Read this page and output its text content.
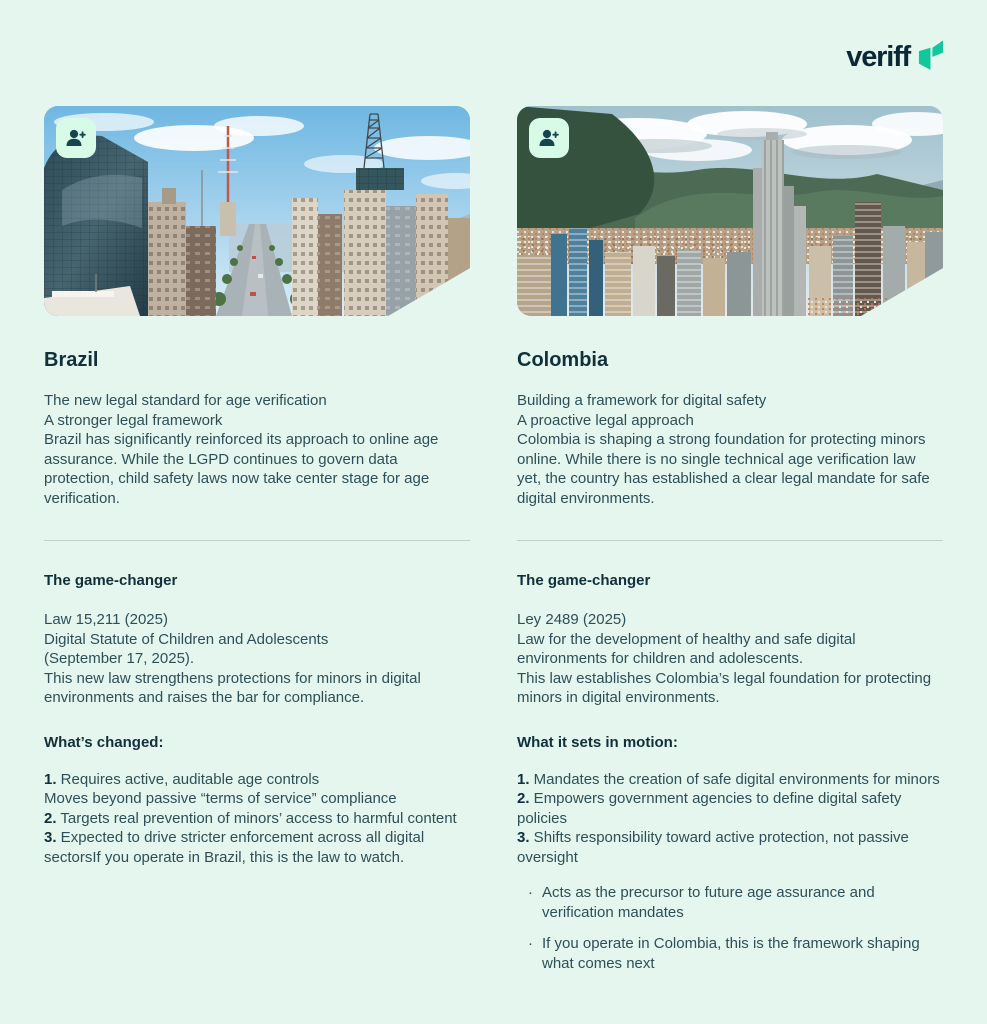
veriff
Brazil
The new legal standard for age verification
A stronger legal framework
Brazil has significantly reinforced its approach to online age assurance. While the LGPD continues to govern data protection, child safety laws now take center stage for age verification.
The game-changer
Law 15,211 (2025)
Digital Statute of Children and Adolescents
(September 17, 2025).
This new law strengthens protections for minors in digital environments and raises the bar for compliance.
What’s changed:

1. Requires active, auditable age controls

Moves beyond passive “terms of service” compliance

2. Targets real prevention of minors’ access to harmful content

3. Expected to drive stricter enforcement across all digital sectorsIf you operate in Brazil, this is the law to watch.

Colombia
Building a framework for digital safety
A proactive legal approach
Colombia is shaping a strong foundation for protecting minors online. While there is no single technical age verification law yet, the country has established a clear legal mandate for safe digital environments.
The game-changer
Ley 2489 (2025)
Law for the development of healthy and safe digital environments for children and adolescents.
This law establishes Colombia’s legal foundation for protecting minors in digital environments.
What it sets in motion:

1. Mandates the creation of safe digital environments for minors

2. Empowers government agencies to define digital safety policies

3. Shifts responsibility toward active protection, not passive oversight

· Acts as the precursor to future age assurance and verification mandates
· If you operate in Colombia, this is the framework shaping what comes next
